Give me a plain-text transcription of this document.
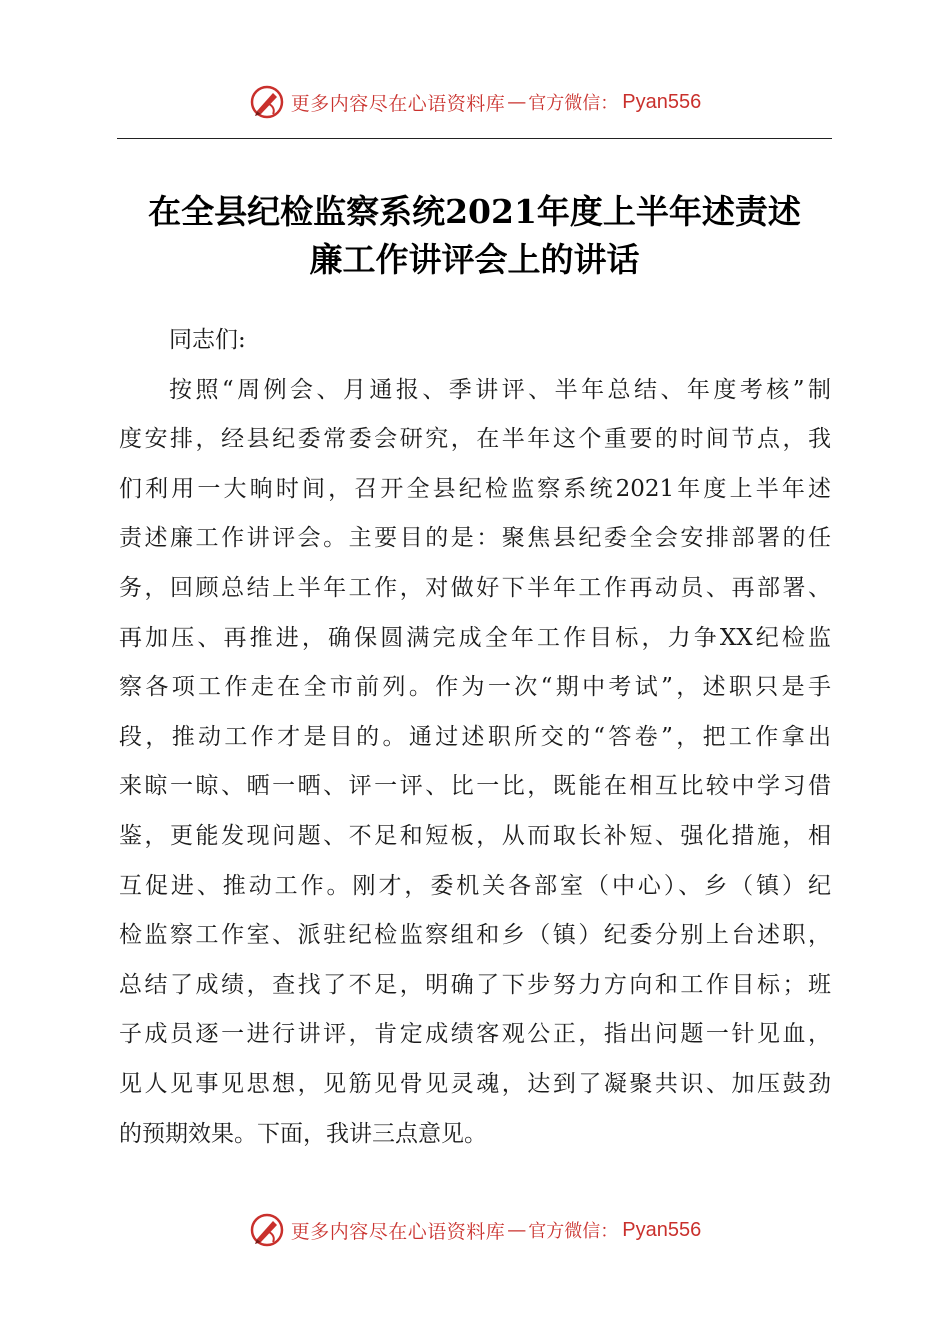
更多内容尽在心语资料库 — 官方微信： Pyan556
在全县纪检监察系统2021年度上半年述责述
廉工作讲评会上的讲话
同志们:
按照“周例会、月通报、季讲评、半年总结、年度考核”制
度安排，经县纪委常委会研究，在半年这个重要的时间节点，我
们利用一大晌时间，召开全县纪检监察系统2021年度上半年述
责述廉工作讲评会。主要目的是：聚焦县纪委全会安排部署的任
务，回顾总结上半年工作，对做好下半年工作再动员、再部署、
再加压、再推进，确保圆满完成全年工作目标，力争XX纪检监
察各项工作走在全市前列。作为一次“期中考试”，述职只是手
段，推动工作才是目的。通过述职所交的“答卷”，把工作拿出
来晾一晾、晒一晒、评一评、比一比，既能在相互比较中学习借
鉴，更能发现问题、不足和短板，从而取长补短、强化措施，相
互促进、推动工作。刚才，委机关各部室（中心）、乡（镇）纪
检监察工作室、派驻纪检监察组和乡（镇）纪委分别上台述职，
总结了成绩，查找了不足，明确了下步努力方向和工作目标；班
子成员逐一进行讲评，肯定成绩客观公正，指出问题一针见血，
见人见事见思想，见筋见骨见灵魂，达到了凝聚共识、加压鼓劲
的预期效果。下面，我讲三点意见。
更多内容尽在心语资料库 — 官方微信： Pyan556
